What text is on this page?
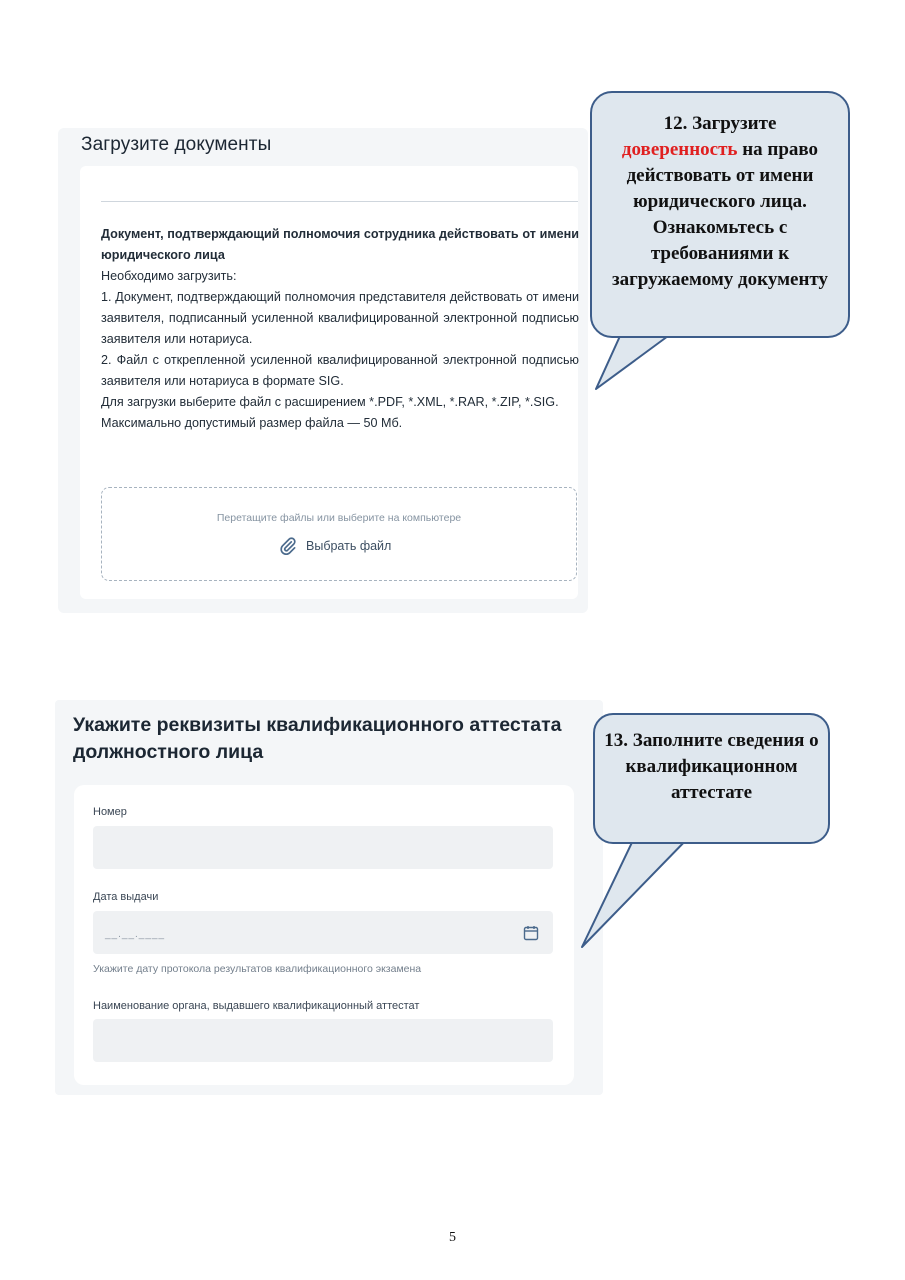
Загрузите документы

Документ, подтверждающий полномочия сотрудника действовать от имени юридического лица

Необходимо загрузить:

1. Документ, подтверждающий полномочия представителя действовать от имени заявителя, подписанный усиленной квалифицированной электронной подписью заявителя или нотариуса.

2. Файл с открепленной усиленной квалифицированной электронной подписью заявителя или нотариуса в формате SIG.

Для загрузки выберите файл с расширением *.PDF, *.XML, *.RAR, *.ZIP, *.SIG.

Максимально допустимый размер файла — 50 Мб.

Перетащите файлы или выберите на компьютере
Выбрать файл
12. Загрузите
доверенность на право действовать от имени юридического лица. Ознакомьтесь с требованиями к загружаемому документу
Укажите реквизиты квалификационного аттестата должностного лица
Номер
Дата выдачи
__.__.____
Укажите дату протокола результатов квалификационного экзамена
Наименование органа, выдавшего квалификационный аттестат
13. Заполните сведения о квалификационном аттестате
5
